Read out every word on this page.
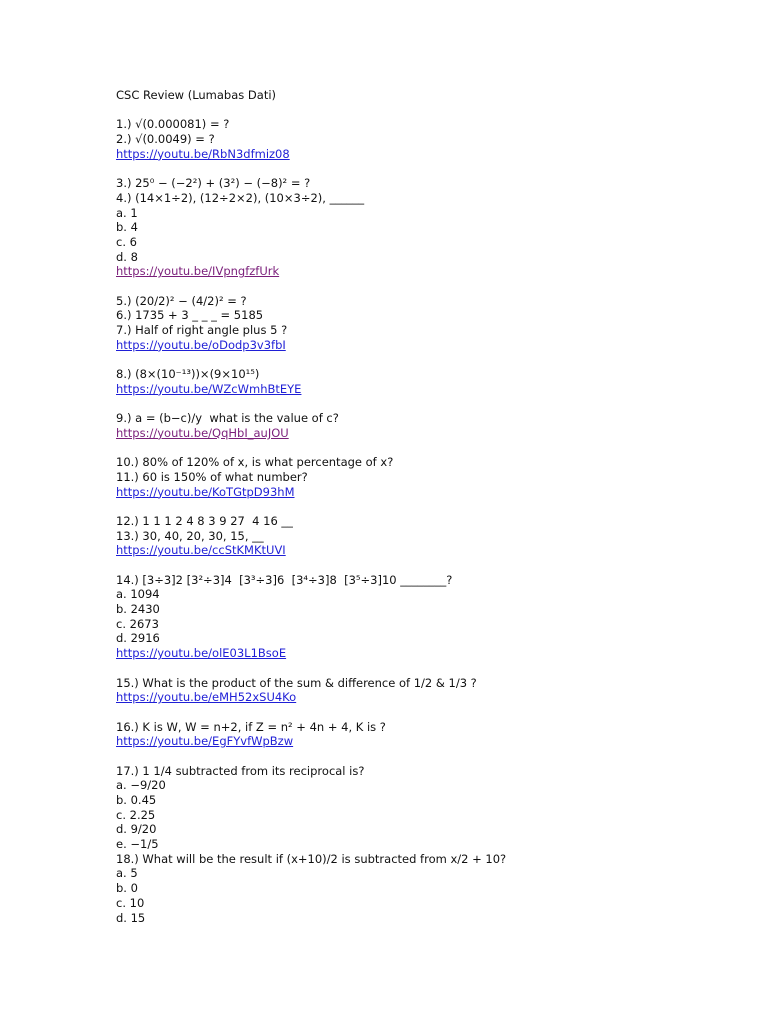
CSC Review (Lumabas Dati)
1.) √(0.000081) = ?
2.) √(0.0049) = ?
https://youtu.be/RbN3dfmiz08
3.) 25⁰ − (−2²) + (3²) − (−8)² = ?
4.) (14×1÷2), (12÷2×2), (10×3÷2), ______
a. 1
b. 4
c. 6
d. 8
https://youtu.be/IVpngfzfUrk
5.) (20/2)² − (4/2)² = ?
6.) 1735 + 3 _ _ _ = 5185
7.) Half of right angle plus 5 ?
https://youtu.be/oDodp3v3fbI
8.) (8×(10⁻¹³))×(9×10¹⁵)
https://youtu.be/WZcWmhBtEYE
9.) a = (b−c)/y  what is the value of c?
https://youtu.be/QqHbI_auJOU
10.) 80% of 120% of x, is what percentage of x?
11.) 60 is 150% of what number?
https://youtu.be/KoTGtpD93hM
12.) 1 1 1 2 4 8 3 9 27  4 16 __
13.) 30, 40, 20, 30, 15, __
https://youtu.be/ccStKMKtUVI
14.) [3÷3]2 [3²÷3]4  [3³÷3]6  [3⁴÷3]8  [3⁵÷3]10 ________?
a. 1094
b. 2430
c. 2673
d. 2916
https://youtu.be/olE03L1BsoE
15.) What is the product of the sum & difference of 1/2 & 1/3 ?
https://youtu.be/eMH52xSU4Ko
16.) K is W, W = n+2, if Z = n² + 4n + 4, K is ?
https://youtu.be/EgFYvfWpBzw
17.) 1 1/4 subtracted from its reciprocal is?
a. −9/20
b. 0.45
c. 2.25
d. 9/20
e. −1/5
18.) What will be the result if (x+10)/2 is subtracted from x/2 + 10?
a. 5
b. 0
c. 10
d. 15
